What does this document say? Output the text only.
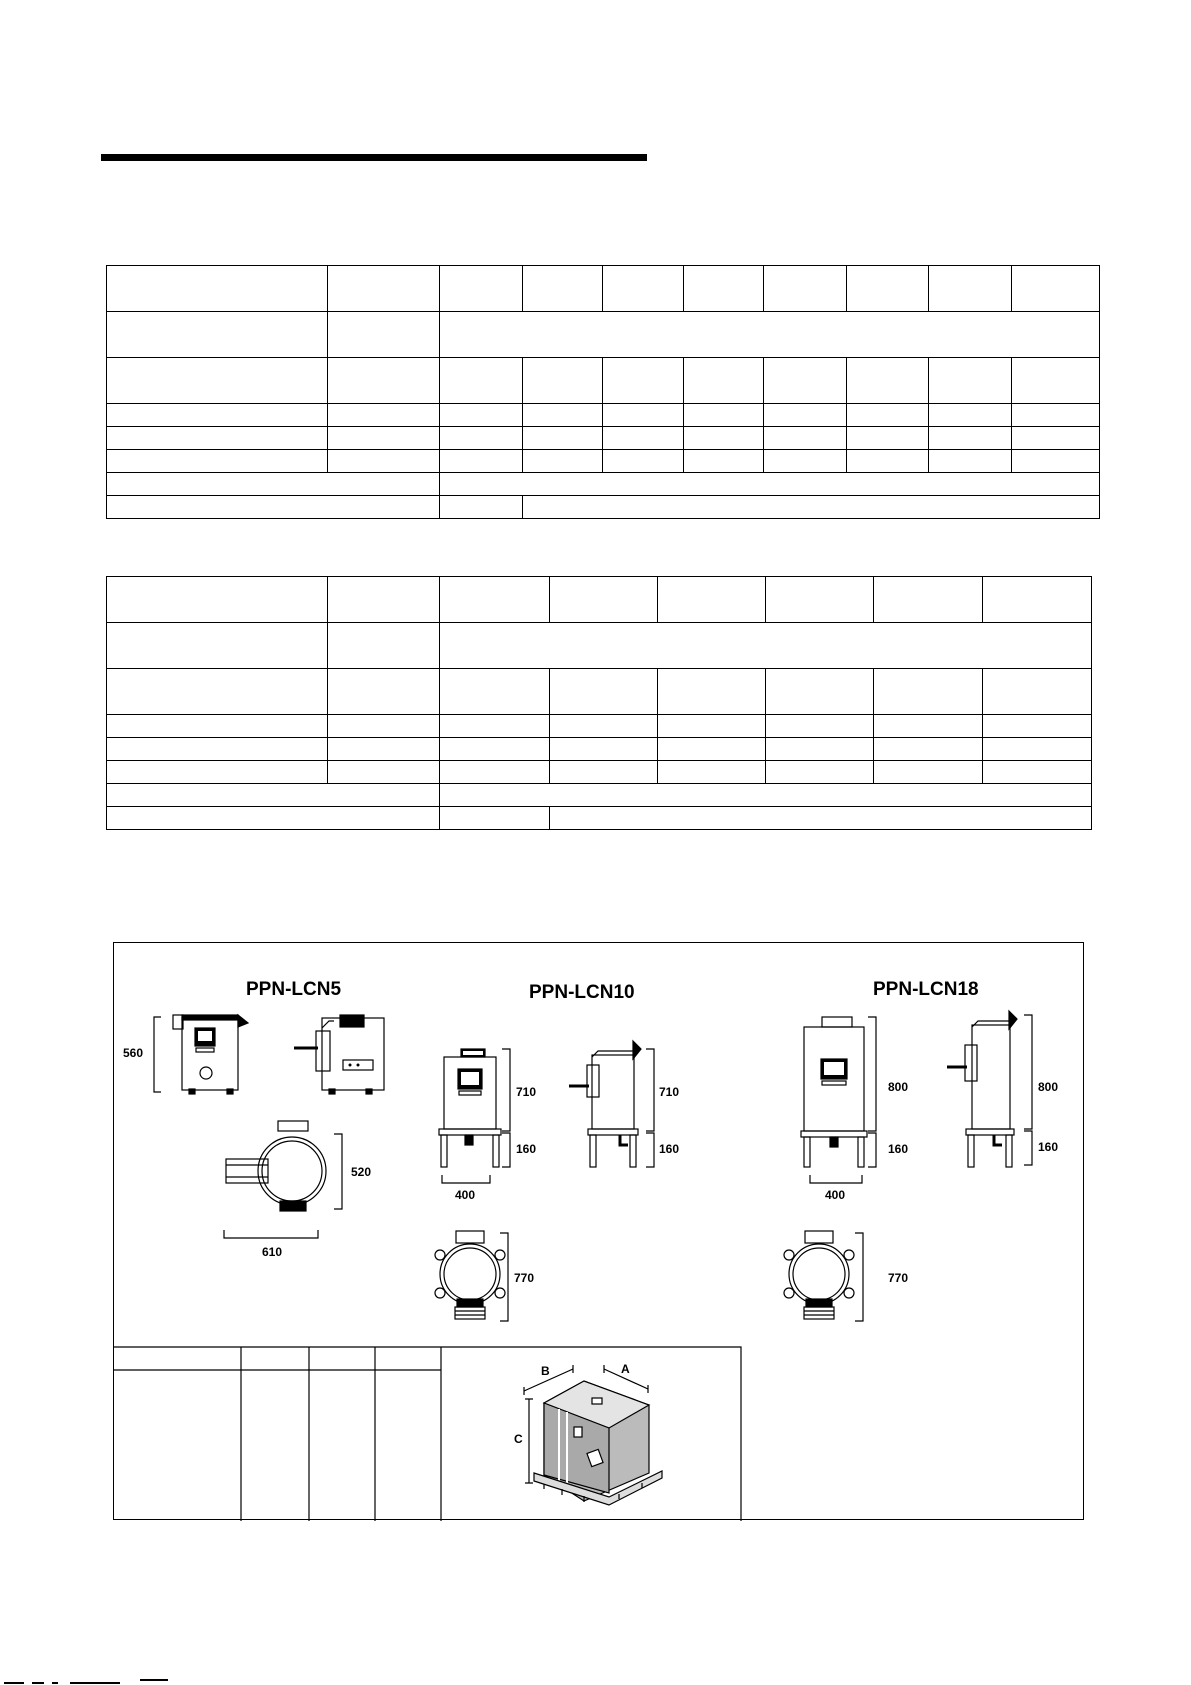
PPN-LCN5	PPN-LCN10	PPN-LCN18
560
520
610
710
160
400
710
160
770
800
160
400
800
160
770
B	A
C
